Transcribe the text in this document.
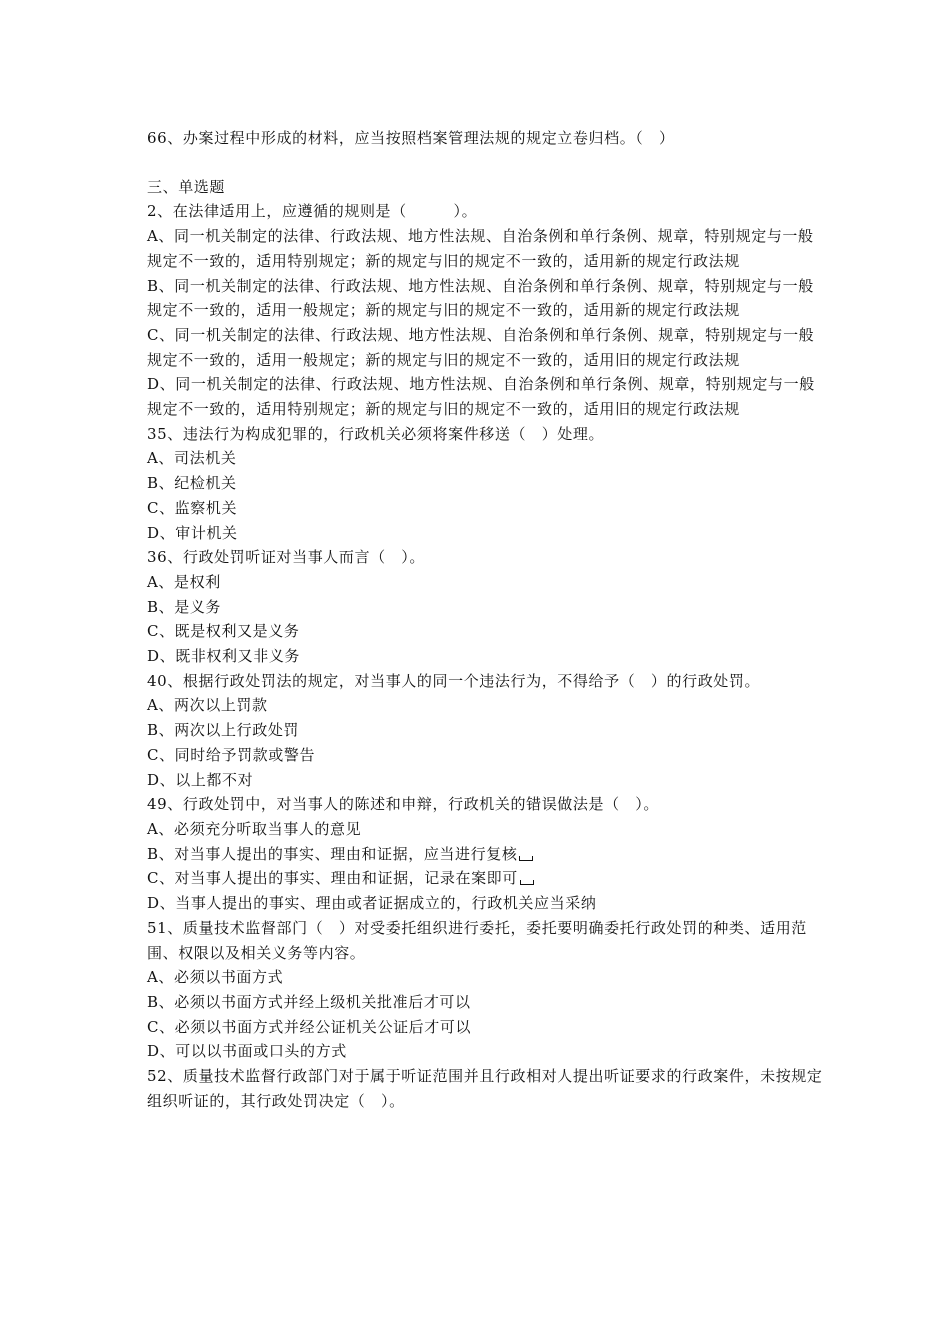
66、办案过程中形成的材料，应当按照档案管理法规的规定立卷归档。（　）

三、单选题

2、在法律适用上，应遵循的规则是（　　　）。

A、同一机关制定的法律、行政法规、地方性法规、自治条例和单行条例、规章，特别规定与一般规定不一致的，适用特别规定；新的规定与旧的规定不一致的，适用新的规定行政法规

B、同一机关制定的法律、行政法规、地方性法规、自治条例和单行条例、规章，特别规定与一般规定不一致的，适用一般规定；新的规定与旧的规定不一致的，适用新的规定行政法规

C、同一机关制定的法律、行政法规、地方性法规、自治条例和单行条例、规章，特别规定与一般规定不一致的，适用一般规定；新的规定与旧的规定不一致的，适用旧的规定行政法规

D、同一机关制定的法律、行政法规、地方性法规、自治条例和单行条例、规章，特别规定与一般规定不一致的，适用特别规定；新的规定与旧的规定不一致的，适用旧的规定行政法规

35、违法行为构成犯罪的，行政机关必须将案件移送（　）处理。

A、司法机关

B、纪检机关

C、监察机关

D、审计机关

36、行政处罚听证对当事人而言（　）。

A、是权利

B、是义务

C、既是权利又是义务

D、既非权利又非义务

40、根据行政处罚法的规定，对当事人的同一个违法行为，不得给予（　）的行政处罚。

A、两次以上罚款

B、两次以上行政处罚

C、同时给予罚款或警告

D、以上都不对

49、行政处罚中，对当事人的陈述和申辩，行政机关的错误做法是（　）。

A、必须充分听取当事人的意见

B、对当事人提出的事实、理由和证据，应当进行复核

C、对当事人提出的事实、理由和证据，记录在案即可

D、当事人提出的事实、理由或者证据成立的，行政机关应当采纳

51、质量技术监督部门（　）对受委托组织进行委托，委托要明确委托行政处罚的种类、适用范围、权限以及相关义务等内容。

A、必须以书面方式

B、必须以书面方式并经上级机关批准后才可以

C、必须以书面方式并经公证机关公证后才可以

D、可以以书面或口头的方式

52、质量技术监督行政部门对于属于听证范围并且行政相对人提出听证要求的行政案件，未按规定组织听证的，其行政处罚决定（　）。
